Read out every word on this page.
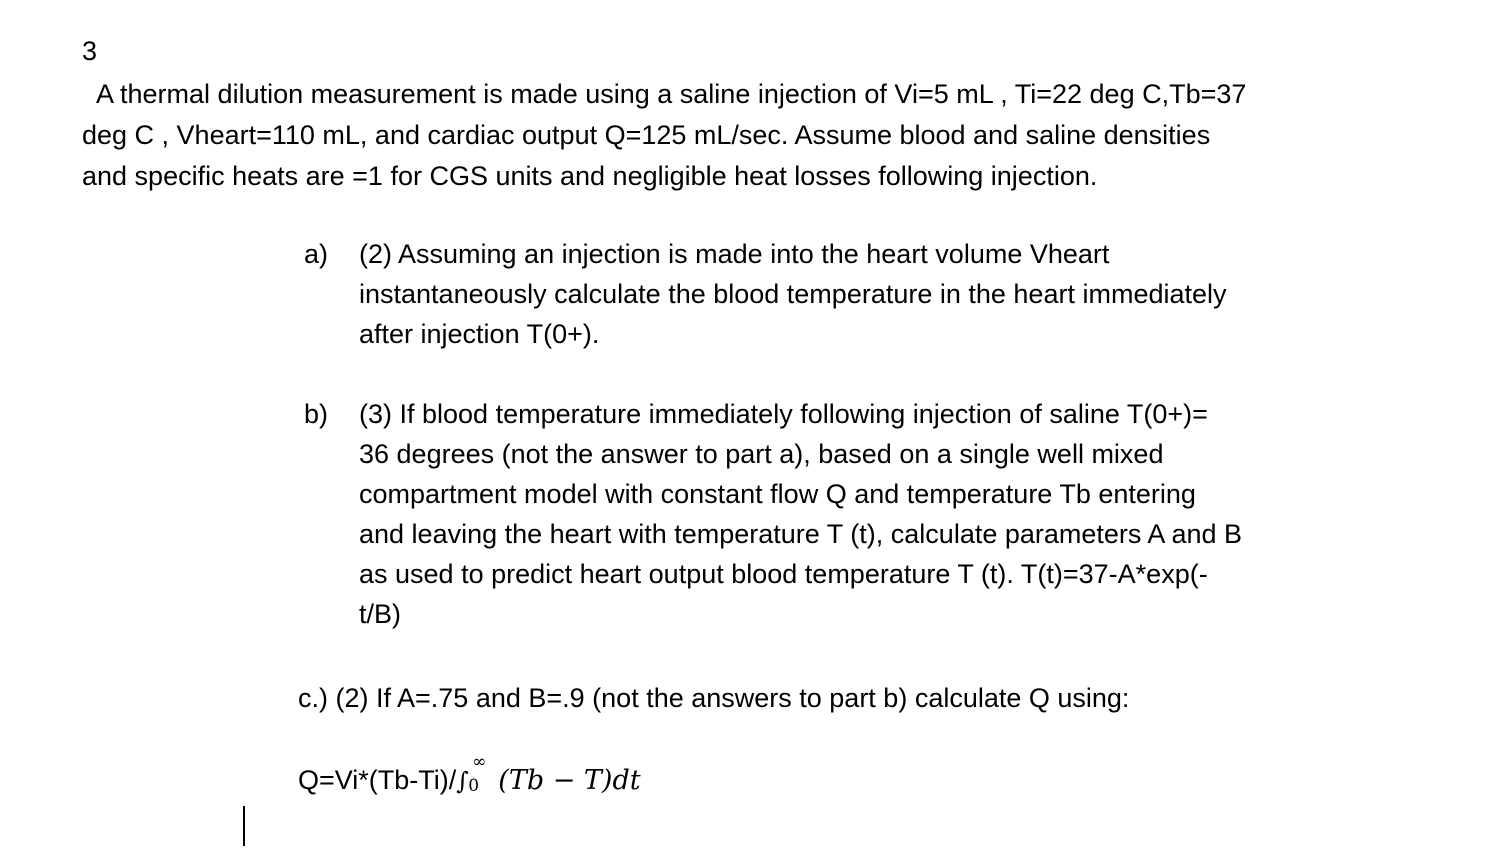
3
A thermal dilution measurement is made using a saline injection of Vi=5 mL , Ti=22 deg C,Tb=37
deg C , Vheart=110 mL, and cardiac output Q=125 mL/sec. Assume blood and saline densities
and specific heats are =1 for CGS units and negligible heat losses following injection.
a) (2) Assuming an injection is made into the heart volume Vheart
instantaneously calculate the blood temperature in the heart immediately
after injection T(0+).
b) (3) If blood temperature immediately following injection of saline T(0+)=
36 degrees (not the answer to part a), based on a single well mixed
compartment model with constant flow Q and temperature Tb entering
and leaving the heart with temperature T (t), calculate parameters A and B
as used to predict heart output blood temperature T (t). T(t)=37-A*exp(-
t/B)
c.) (2) If A=.75 and B=.9 (not the answers to part b) calculate Q using:
Q=Vi*(Tb-Ti)/∫
∞
0 (Tb − T)dt
